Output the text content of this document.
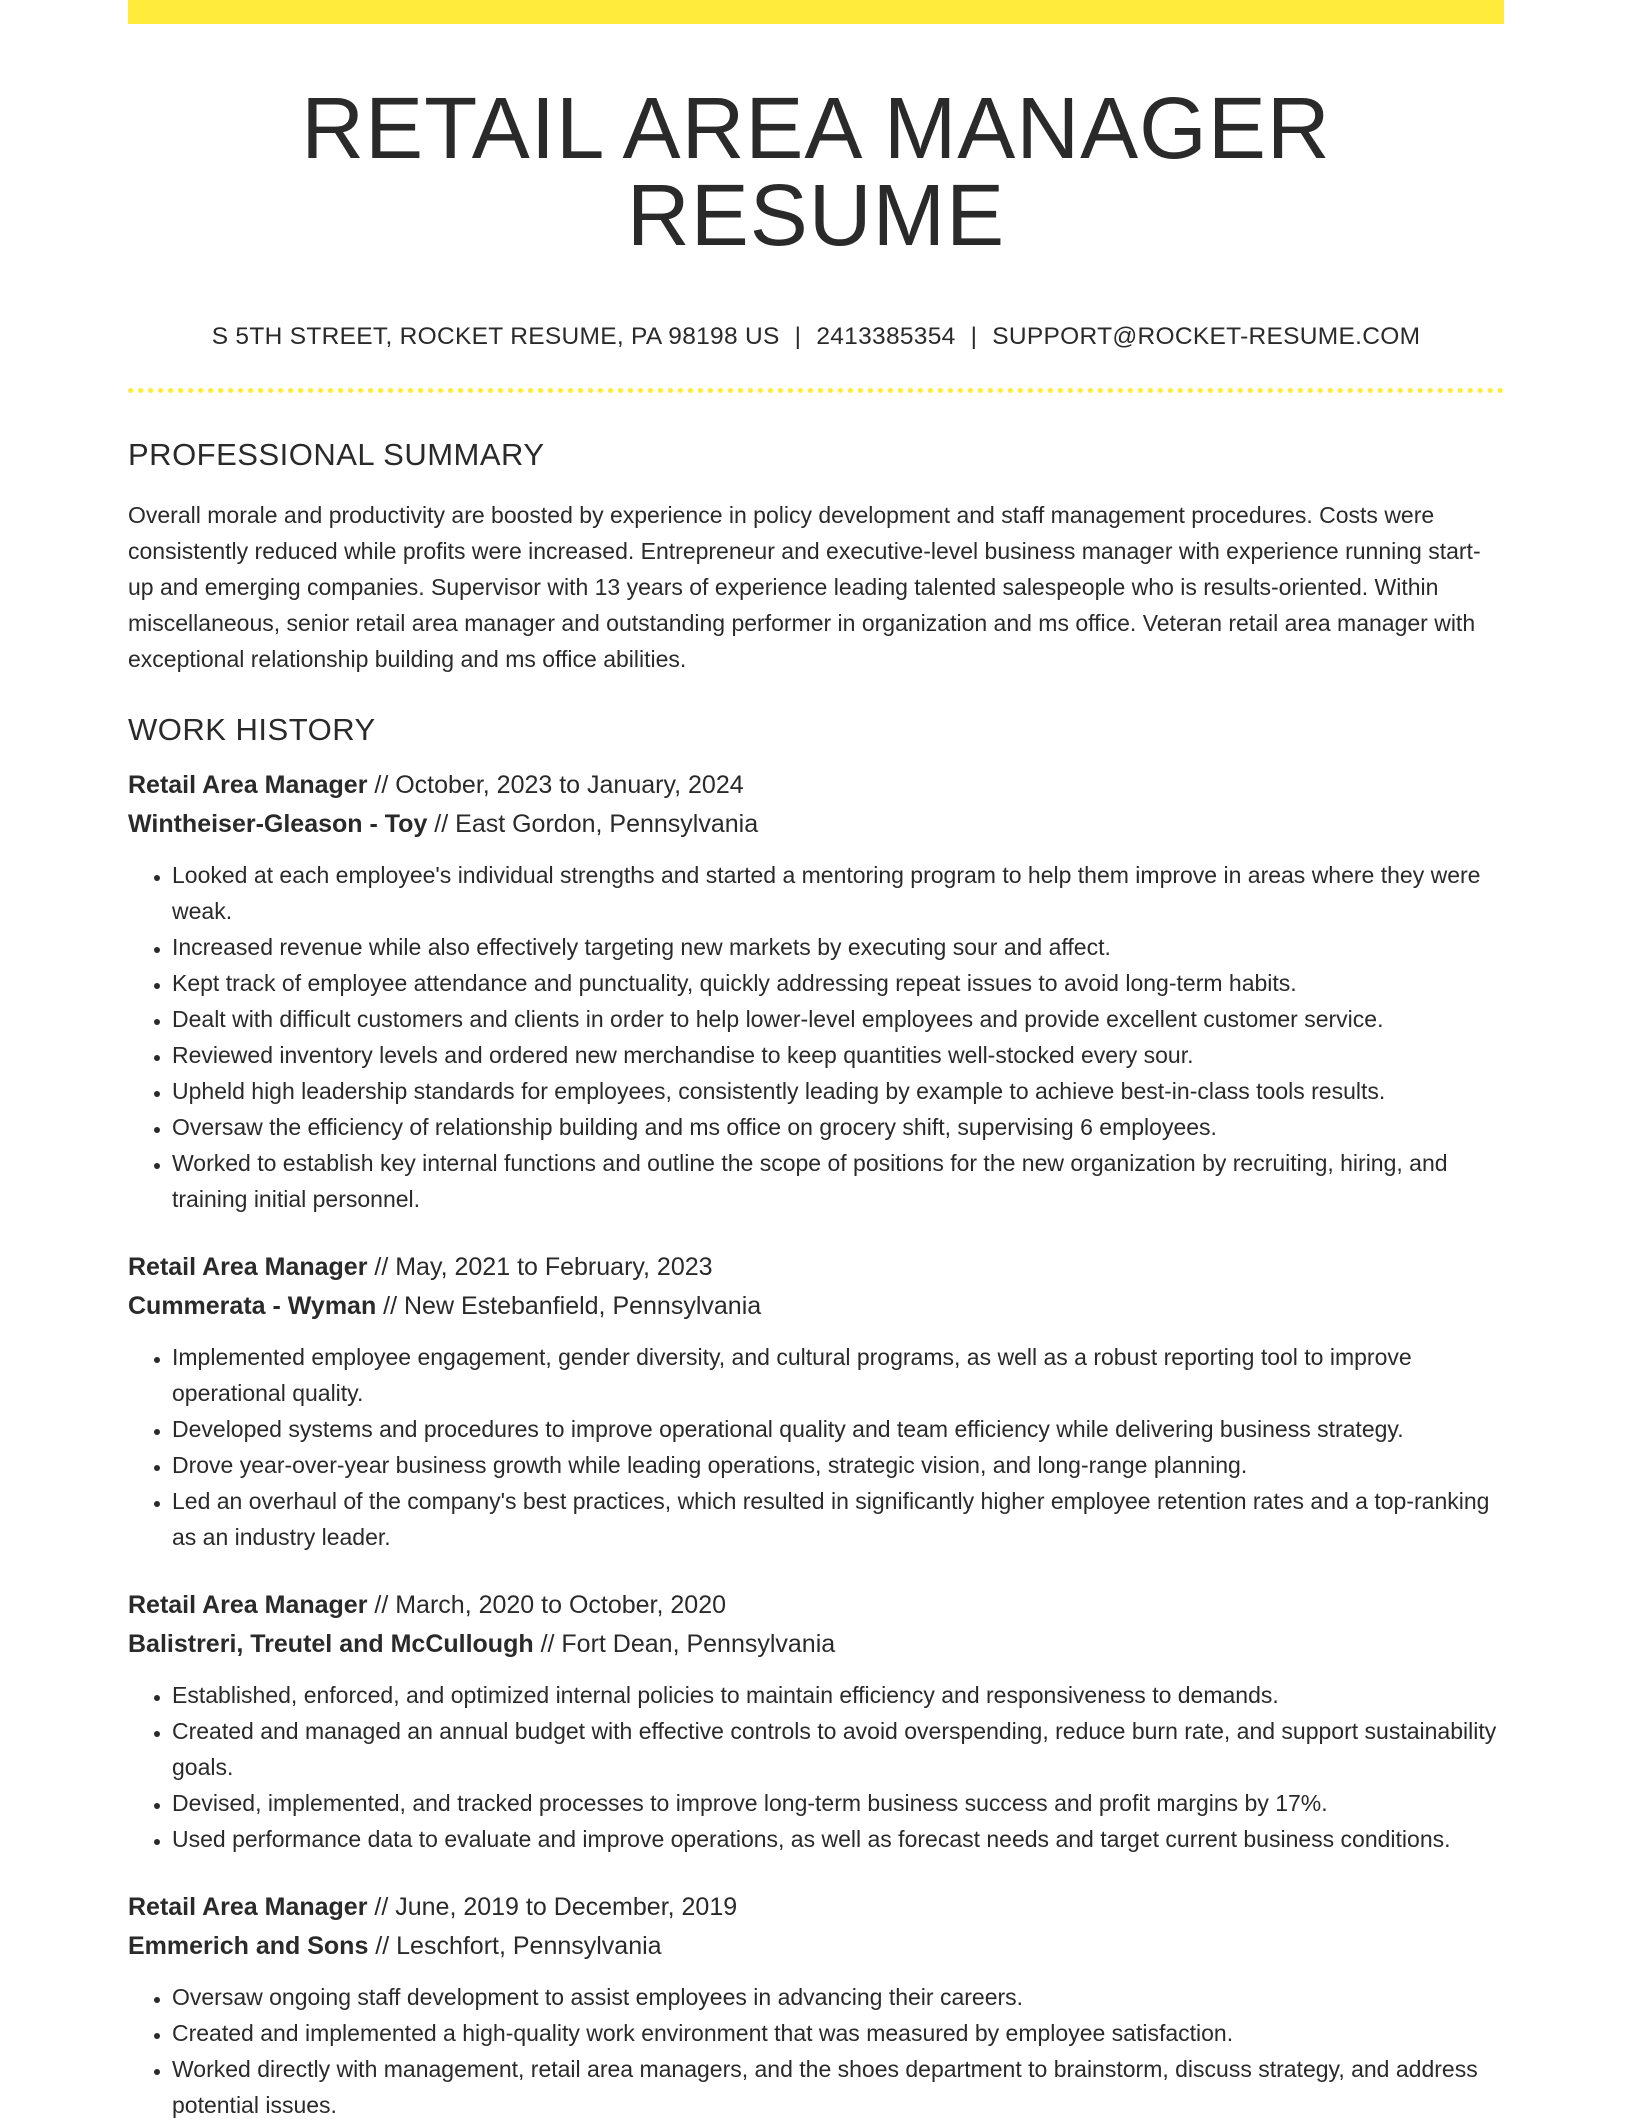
RETAIL AREA MANAGER RESUME
S 5TH STREET, ROCKET RESUME, PA 98198 US | 2413385354 | SUPPORT@ROCKET-RESUME.COM
PROFESSIONAL SUMMARY

Overall morale and productivity are boosted by experience in policy development and staff management procedures. Costs were consistently reduced while profits were increased. Entrepreneur and executive-level business manager with experience running start-up and emerging companies. Supervisor with 13 years of experience leading talented salespeople who is results-oriented. Within miscellaneous, senior retail area manager and outstanding performer in organization and ms office. Veteran retail area manager with exceptional relationship building and ms office abilities.

WORK HISTORY
Retail Area Manager // October, 2023 to January, 2024
Wintheiser-Gleason - Toy // East Gordon, Pennsylvania
• Looked at each employee's individual strengths and started a mentoring program to help them improve in areas where they were weak.
• Increased revenue while also effectively targeting new markets by executing sour and affect.
• Kept track of employee attendance and punctuality, quickly addressing repeat issues to avoid long-term habits.
• Dealt with difficult customers and clients in order to help lower-level employees and provide excellent customer service.
• Reviewed inventory levels and ordered new merchandise to keep quantities well-stocked every sour.
• Upheld high leadership standards for employees, consistently leading by example to achieve best-in-class tools results.
• Oversaw the efficiency of relationship building and ms office on grocery shift, supervising 6 employees.
• Worked to establish key internal functions and outline the scope of positions for the new organization by recruiting, hiring, and training initial personnel.
Retail Area Manager // May, 2021 to February, 2023
Cummerata - Wyman // New Estebanfield, Pennsylvania
• Implemented employee engagement, gender diversity, and cultural programs, as well as a robust reporting tool to improve operational quality.
• Developed systems and procedures to improve operational quality and team efficiency while delivering business strategy.
• Drove year-over-year business growth while leading operations, strategic vision, and long-range planning.
• Led an overhaul of the company's best practices, which resulted in significantly higher employee retention rates and a top-ranking as an industry leader.
Retail Area Manager // March, 2020 to October, 2020
Balistreri, Treutel and McCullough // Fort Dean, Pennsylvania
• Established, enforced, and optimized internal policies to maintain efficiency and responsiveness to demands.
• Created and managed an annual budget with effective controls to avoid overspending, reduce burn rate, and support sustainability goals.
• Devised, implemented, and tracked processes to improve long-term business success and profit margins by 17%.
• Used performance data to evaluate and improve operations, as well as forecast needs and target current business conditions.
Retail Area Manager // June, 2019 to December, 2019
Emmerich and Sons // Leschfort, Pennsylvania
• Oversaw ongoing staff development to assist employees in advancing their careers.
• Created and implemented a high-quality work environment that was measured by employee satisfaction.
• Worked directly with management, retail area managers, and the shoes department to brainstorm, discuss strategy, and address potential issues.
